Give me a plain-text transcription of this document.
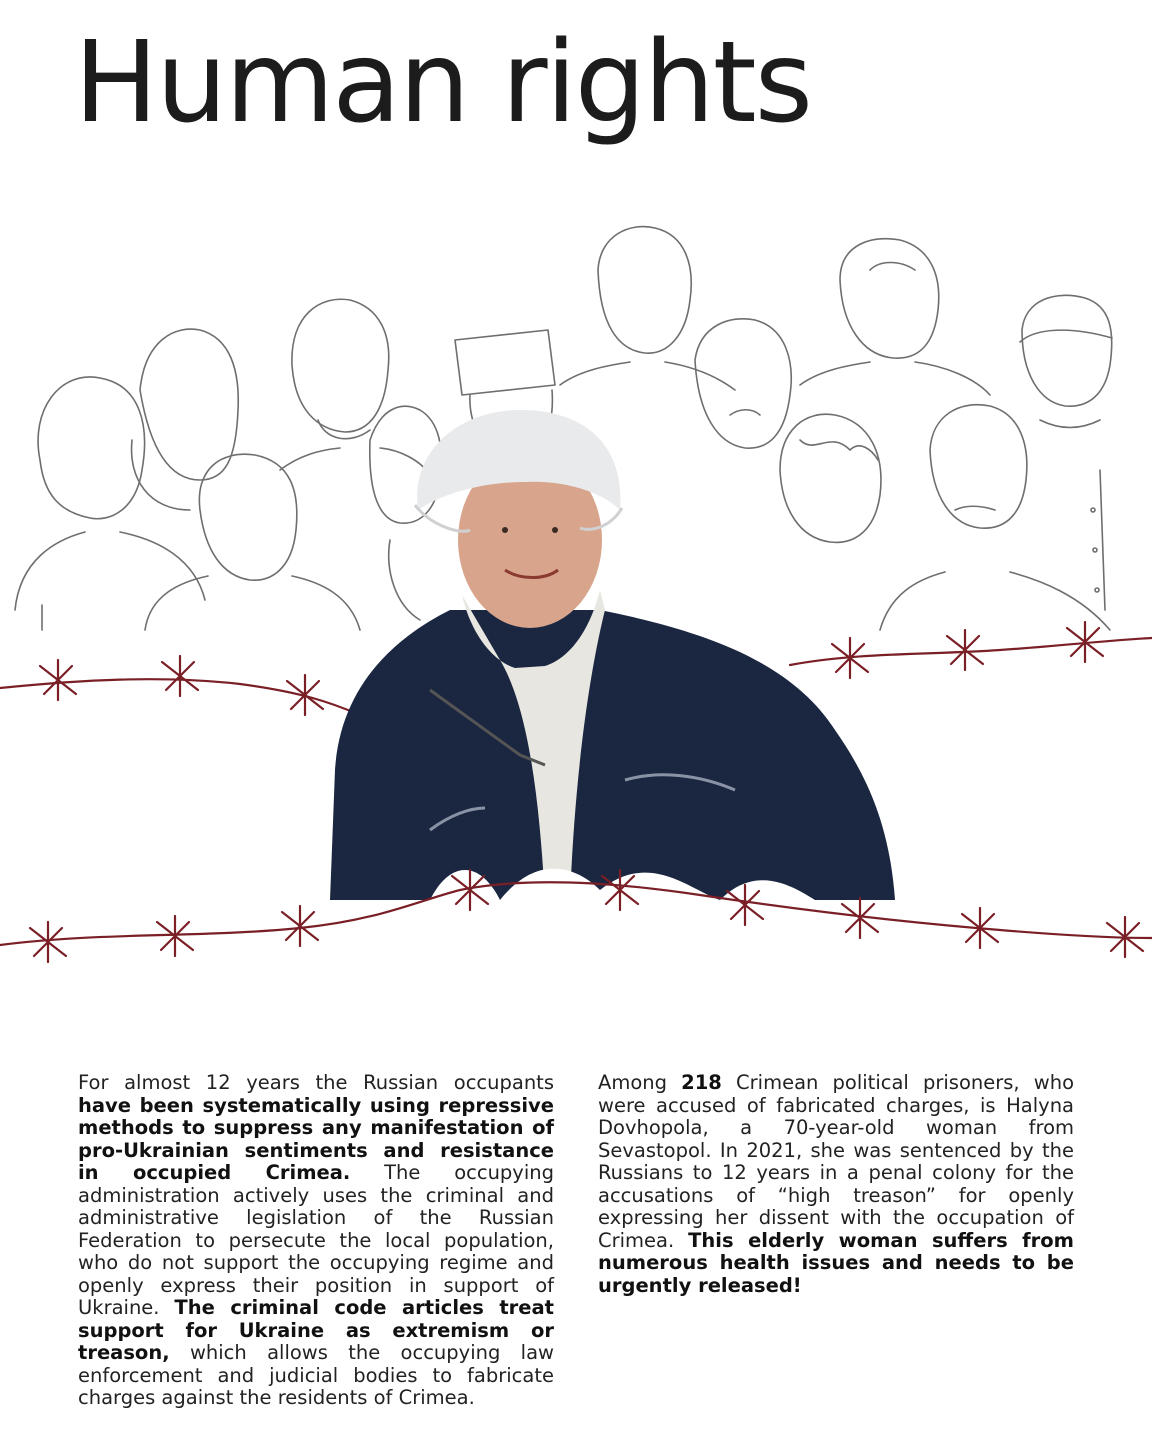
Human rights

For almost 12 years the Russian occupants have been systematically using repressive methods to suppress any manifestation of pro-Ukrainian sentiments and resistance in occupied Crimea. The occupying administration actively uses the criminal and administrative legislation of the Russian Federation to persecute the local population, who do not support the occupying regime and openly express their position in support of Ukraine. The criminal code articles treat support for Ukraine as extremism or treason, which allows the occupying law enforcement and judicial bodies to fabricate charges against the residents of Crimea.

Among 218 Crimean political prisoners, who were accused of fabricated charges, is Halyna Dovhopola, a 70-year-old woman from Sevastopol. In 2021, she was sentenced by the Russians to 12 years in a penal colony for the accusations of “high treason” for openly expressing her dissent with the occupation of Crimea. This elderly woman suffers from numerous health issues and needs to be urgently released!
